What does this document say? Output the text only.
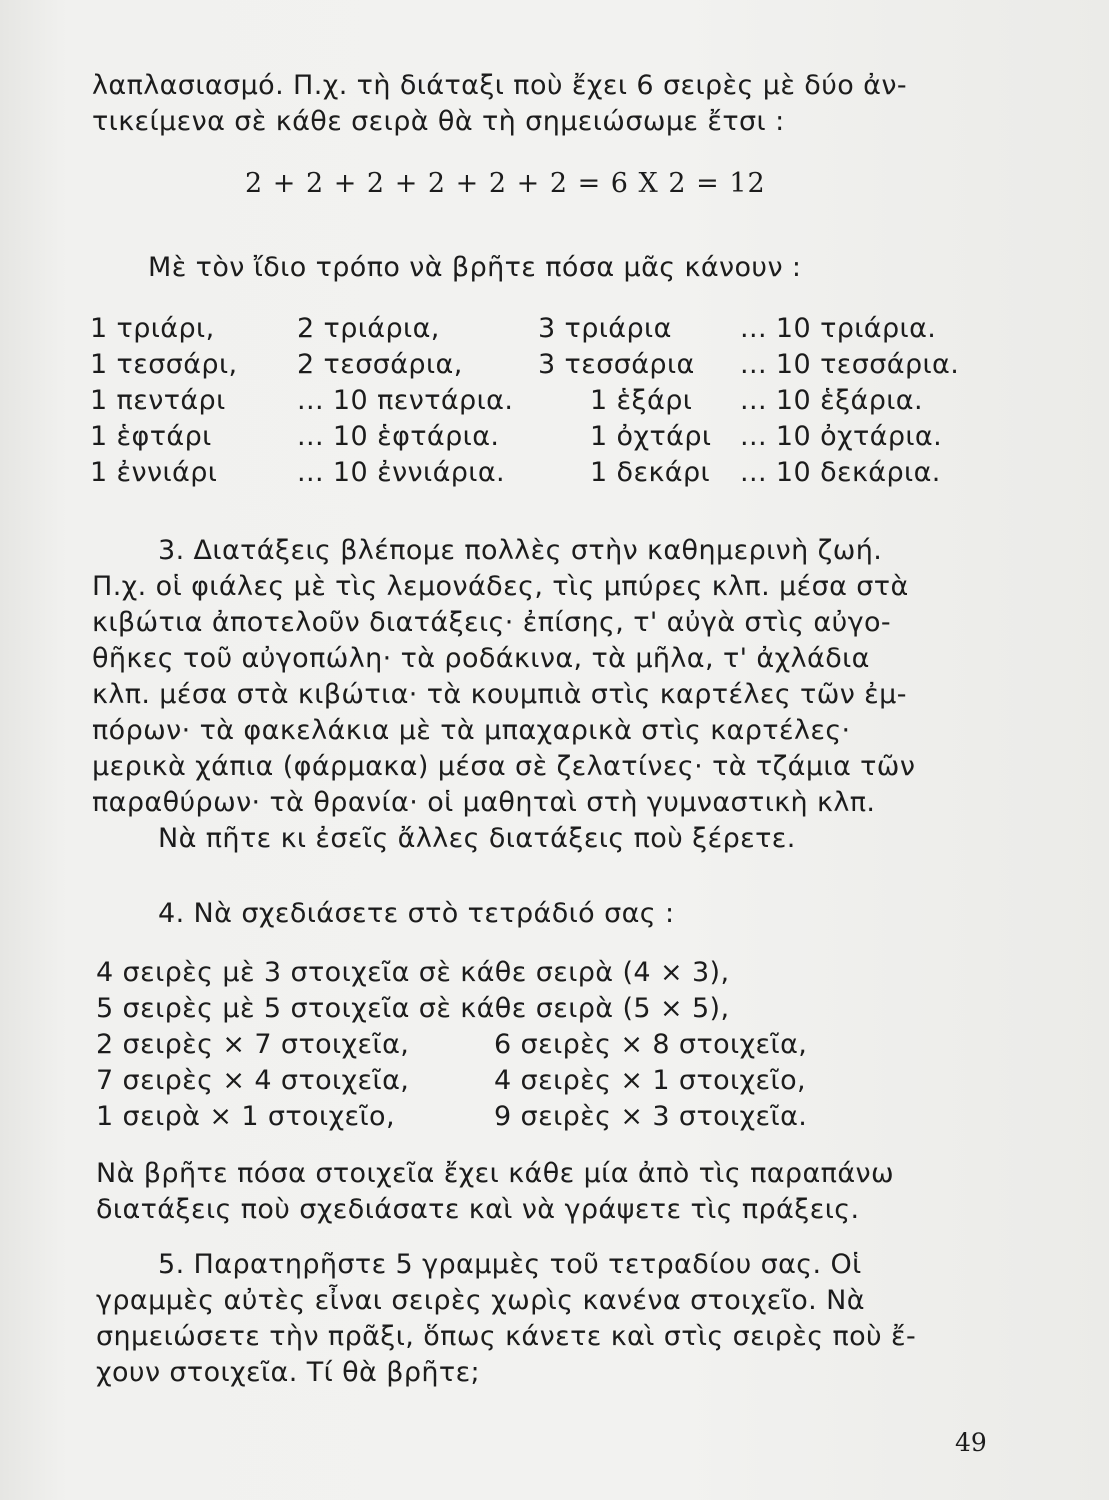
λαπλασιασμό. Π.χ. τὴ διάταξι ποὺ ἔχει 6 σειρὲς μὲ δύο ἀν-
τικείμενα σὲ κάθε σειρὰ θὰ τὴ σημειώσωμε ἔτσι :
2 + 2 + 2 + 2 + 2 + 2 = 6 X 2 = 12
Μὲ τὸν ἴδιο τρόπο νὰ βρῆτε πόσα μᾶς κάνουν :
1 τριάρι,	2 τριάρια,	3 τριάρια	... 10 τριάρια.
1 τεσσάρι, 2 τεσσάρια,	3 τεσσάρια ... 10 τεσσάρια.
1 πεντάρι	... 10 πεντάρια.	1 ἑξάρι ... 10 ἑξάρια.
1 ἑφτάρι	... 10 ἑφτάρια.	1 ὀχτάρι ... 10 ὀχτάρια.
1 ἐννιάρι	... 10 ἐννιάρια.	1 δεκάρι ... 10 δεκάρια.
3. Διατάξεις βλέπομε πολλὲς στὴν καθημερινὴ ζωή.
Π.χ. οἱ φιάλες μὲ τὶς λεμονάδες, τὶς μπύρες κλπ. μέσα στὰ
κιβώτια ἀποτελοῦν διατάξεις· ἐπίσης, τ' αὐγὰ στὶς αὐγο-
θῆκες τοῦ αὐγοπώλη· τὰ ροδάκινα, τὰ μῆλα, τ' ἀχλάδια
κλπ. μέσα στὰ κιβώτια· τὰ κουμπιὰ στὶς καρτέλες τῶν ἐμ-
πόρων· τὰ φακελάκια μὲ τὰ μπαχαρικὰ στὶς καρτέλες·
μερικὰ χάπια (φάρμακα) μέσα σὲ ζελατίνες· τὰ τζάμια τῶν
παραθύρων· τὰ θρανία· οἱ μαθηταὶ στὴ γυμναστικὴ κλπ.
Νὰ πῆτε κι ἐσεῖς ἄλλες διατάξεις ποὺ ξέρετε.
4. Νὰ σχεδιάσετε στὸ τετράδιό σας :
4 σειρὲς μὲ 3 στοιχεῖα σὲ κάθε σειρὰ (4 × 3),
5 σειρὲς μὲ 5 στοιχεῖα σὲ κάθε σειρὰ (5 × 5),
2 σειρὲς × 7 στοιχεῖα,	6 σειρὲς × 8 στοιχεῖα,
7 σειρὲς × 4 στοιχεῖα,	4 σειρὲς × 1 στοιχεῖο,
1 σειρὰ × 1 στοιχεῖο,	9 σειρὲς × 3 στοιχεῖα.
Νὰ βρῆτε πόσα στοιχεῖα ἔχει κάθε μία ἀπὸ τὶς παραπάνω
διατάξεις ποὺ σχεδιάσατε καὶ νὰ γράψετε τὶς πράξεις.
5. Παρατηρῆστε 5 γραμμὲς τοῦ τετραδίου σας. Οἱ
γραμμὲς αὐτὲς εἶναι σειρὲς χωρὶς κανένα στοιχεῖο. Νὰ
σημειώσετε τὴν πρᾶξι, ὅπως κάνετε καὶ στὶς σειρὲς ποὺ ἔ-
χουν στοιχεῖα. Τί θὰ βρῆτε;
49
